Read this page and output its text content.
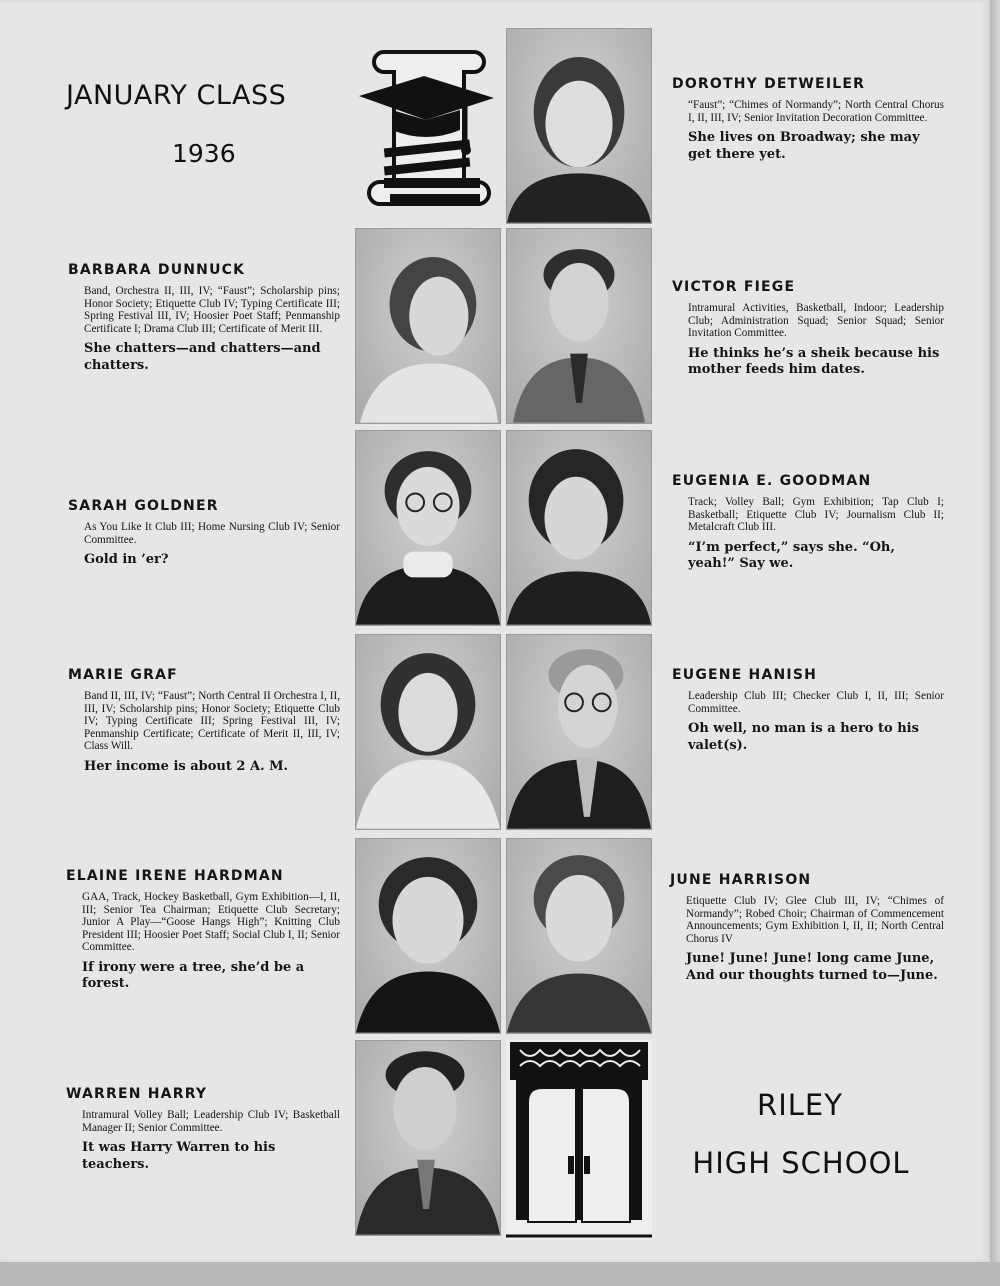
JANUARY CLASS
1936
DOROTHY DETWEILER
“Faust”; “Chimes of Normandy”; North Central Chorus I, II, III, IV; Senior Invitation Decoration Committee.
She lives on Broadway; she may get there yet.
BARBARA DUNNUCK
Band, Orchestra II, III, IV; “Faust”; Scholarship pins; Honor Society; Etiquette Club IV; Typing Certificate III; Spring Festival III, IV; Hoosier Poet Staff; Penmanship Certificate I; Drama Club III; Certificate of Merit III.
She chatters—and chatters—and chatters.
VICTOR FIEGE
Intramural Activities, Basketball, Indoor; Leadership Club; Administration Squad; Senior Squad; Senior Invitation Committee.
He thinks he’s a sheik because his mother feeds him dates.
SARAH GOLDNER
As You Like It Club III; Home Nursing Club IV; Senior Committee.
Gold in ’er?
EUGENIA E. GOODMAN
Track; Volley Ball; Gym Exhibition; Tap Club I; Basketball; Etiquette Club IV; Journalism Club II; Metalcraft Club III.
“I’m perfect,” says she. “Oh, yeah!” Say we.
MARIE GRAF
Band II, III, IV; “Faust”; North Central II Orchestra I, II, III, IV; Scholarship pins; Honor Society; Etiquette Club IV; Typing Certificate III; Spring Festival III, IV; Penmanship Certificate; Certificate of Merit II, III, IV; Class Will.
Her income is about 2 A. M.
EUGENE HANISH
Leadership Club III; Checker Club I, II, III; Senior Committee.
Oh well, no man is a hero to his valet(s).
ELAINE IRENE HARDMAN
GAA, Track, Hockey Basketball, Gym Exhibition—I, II, III; Senior Tea Chairman; Etiquette Club Secretary; Junior A Play—“Goose Hangs High”; Knitting Club President III; Hoosier Poet Staff; Social Club I, II; Senior Committee.
If irony were a tree, she’d be a forest.
JUNE HARRISON
Etiquette Club IV; Glee Club III, IV; “Chimes of Normandy”; Robed Choir; Chairman of Commencement Announcements; Gym Exhibition I, II, II; North Central Chorus IV
June! June! June! long came June, And our thoughts turned to—June.
WARREN HARRY
Intramural Volley Ball; Leadership Club IV; Basketball Manager II; Senior Committee.
It was Harry Warren to his teachers.
RILEY
HIGH SCHOOL
